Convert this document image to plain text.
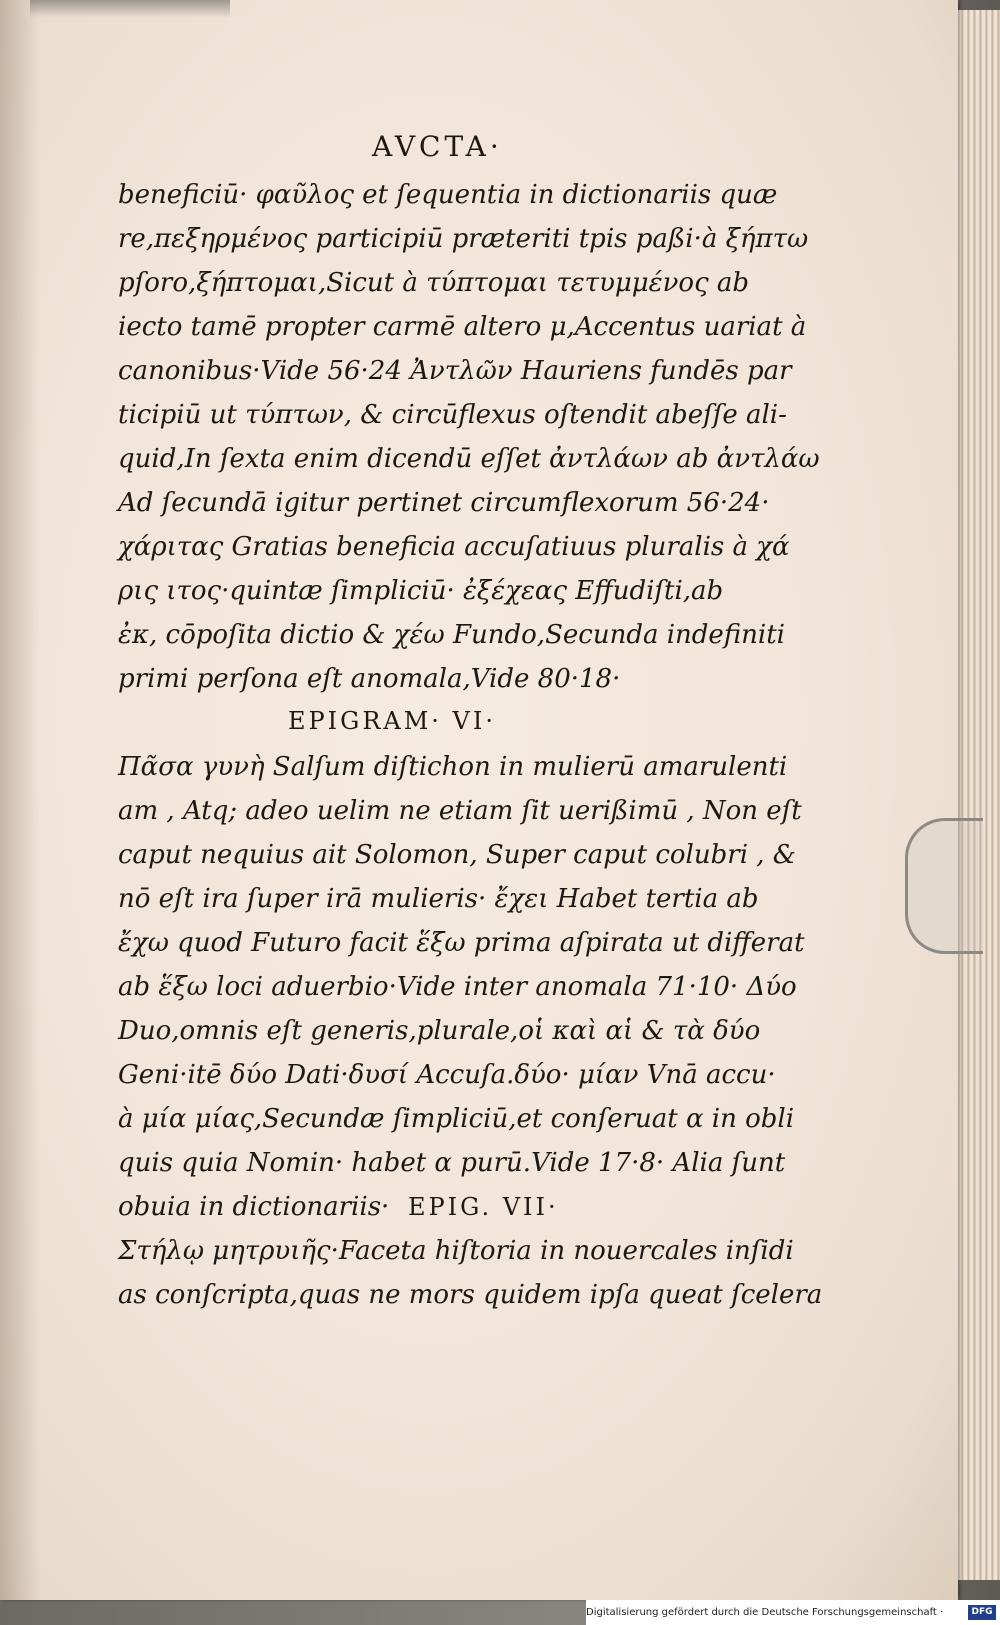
AVCTA·
beneficiū· φαῦλος et ſequentia in dictionariis quæ
re,πεξηρμένος participiū præteriti tpis paßi·à ξήπτω
pſoro,ξήπτομαι,Sicut à τύπτομαι τετυμμένος ab
iecto tamē propter carmē altero μ,Accentus uariat à
canonibus·Vide 56·24 Ἀντλῶν Hauriens fundēs par
ticipiū ut τύπτων, & circūflexus oſtendit abeſſe ali-
quid,In ſexta enim dicendū eſſet ἀντλάων ab ἀντλάω
Ad ſecundā igitur pertinet circumflexorum 56·24·
χάριτας Gratias beneficia accuſatiuus pluralis à χά
ρις ιτος·quintæ ſimpliciū· ἐξέχεας Effudiſti,ab
ἐκ, cōpoſita dictio & χέω Fundo,Secunda indefiniti
primi perſona eſt anomala,Vide 80·18·
EPIGRAM· VI·
Πᾶσα γυνὴ Salſum diſtichon in mulierū amarulenti
am , Atq; adeo uelim ne etiam ſit uerißimū , Non eſt
caput nequius ait Solomon, Super caput colubri , &
nō eſt ira ſuper irā mulieris· ἔχει Habet tertia ab
ἔχω quod Futuro facit ἕξω prima aſpirata ut differat
ab ἕξω loci aduerbio·Vide inter anomala 71·10· Δύο
Duo,omnis eſt generis,plurale,οἱ καὶ αἱ & τὰ δύο
Geni·itē δύο Dati·δυσί Accuſa.δύο· μίαν Vnā accu·
à μία μίας,Secundæ ſimpliciū,et conſeruat α in obli
quis quia Nomin· habet α purū.Vide 17·8· Alia ſunt
obuia in dictionariis· EPIG. VII·
Στήλῳ μητρυιῆς·Faceta hiſtoria in nouercales inſidi
as conſcripta,quas ne mors quidem ipſa queat ſcelera
Digitalisierung gefördert durch die Deutsche Forschungsgemeinschaft ·	DFG
